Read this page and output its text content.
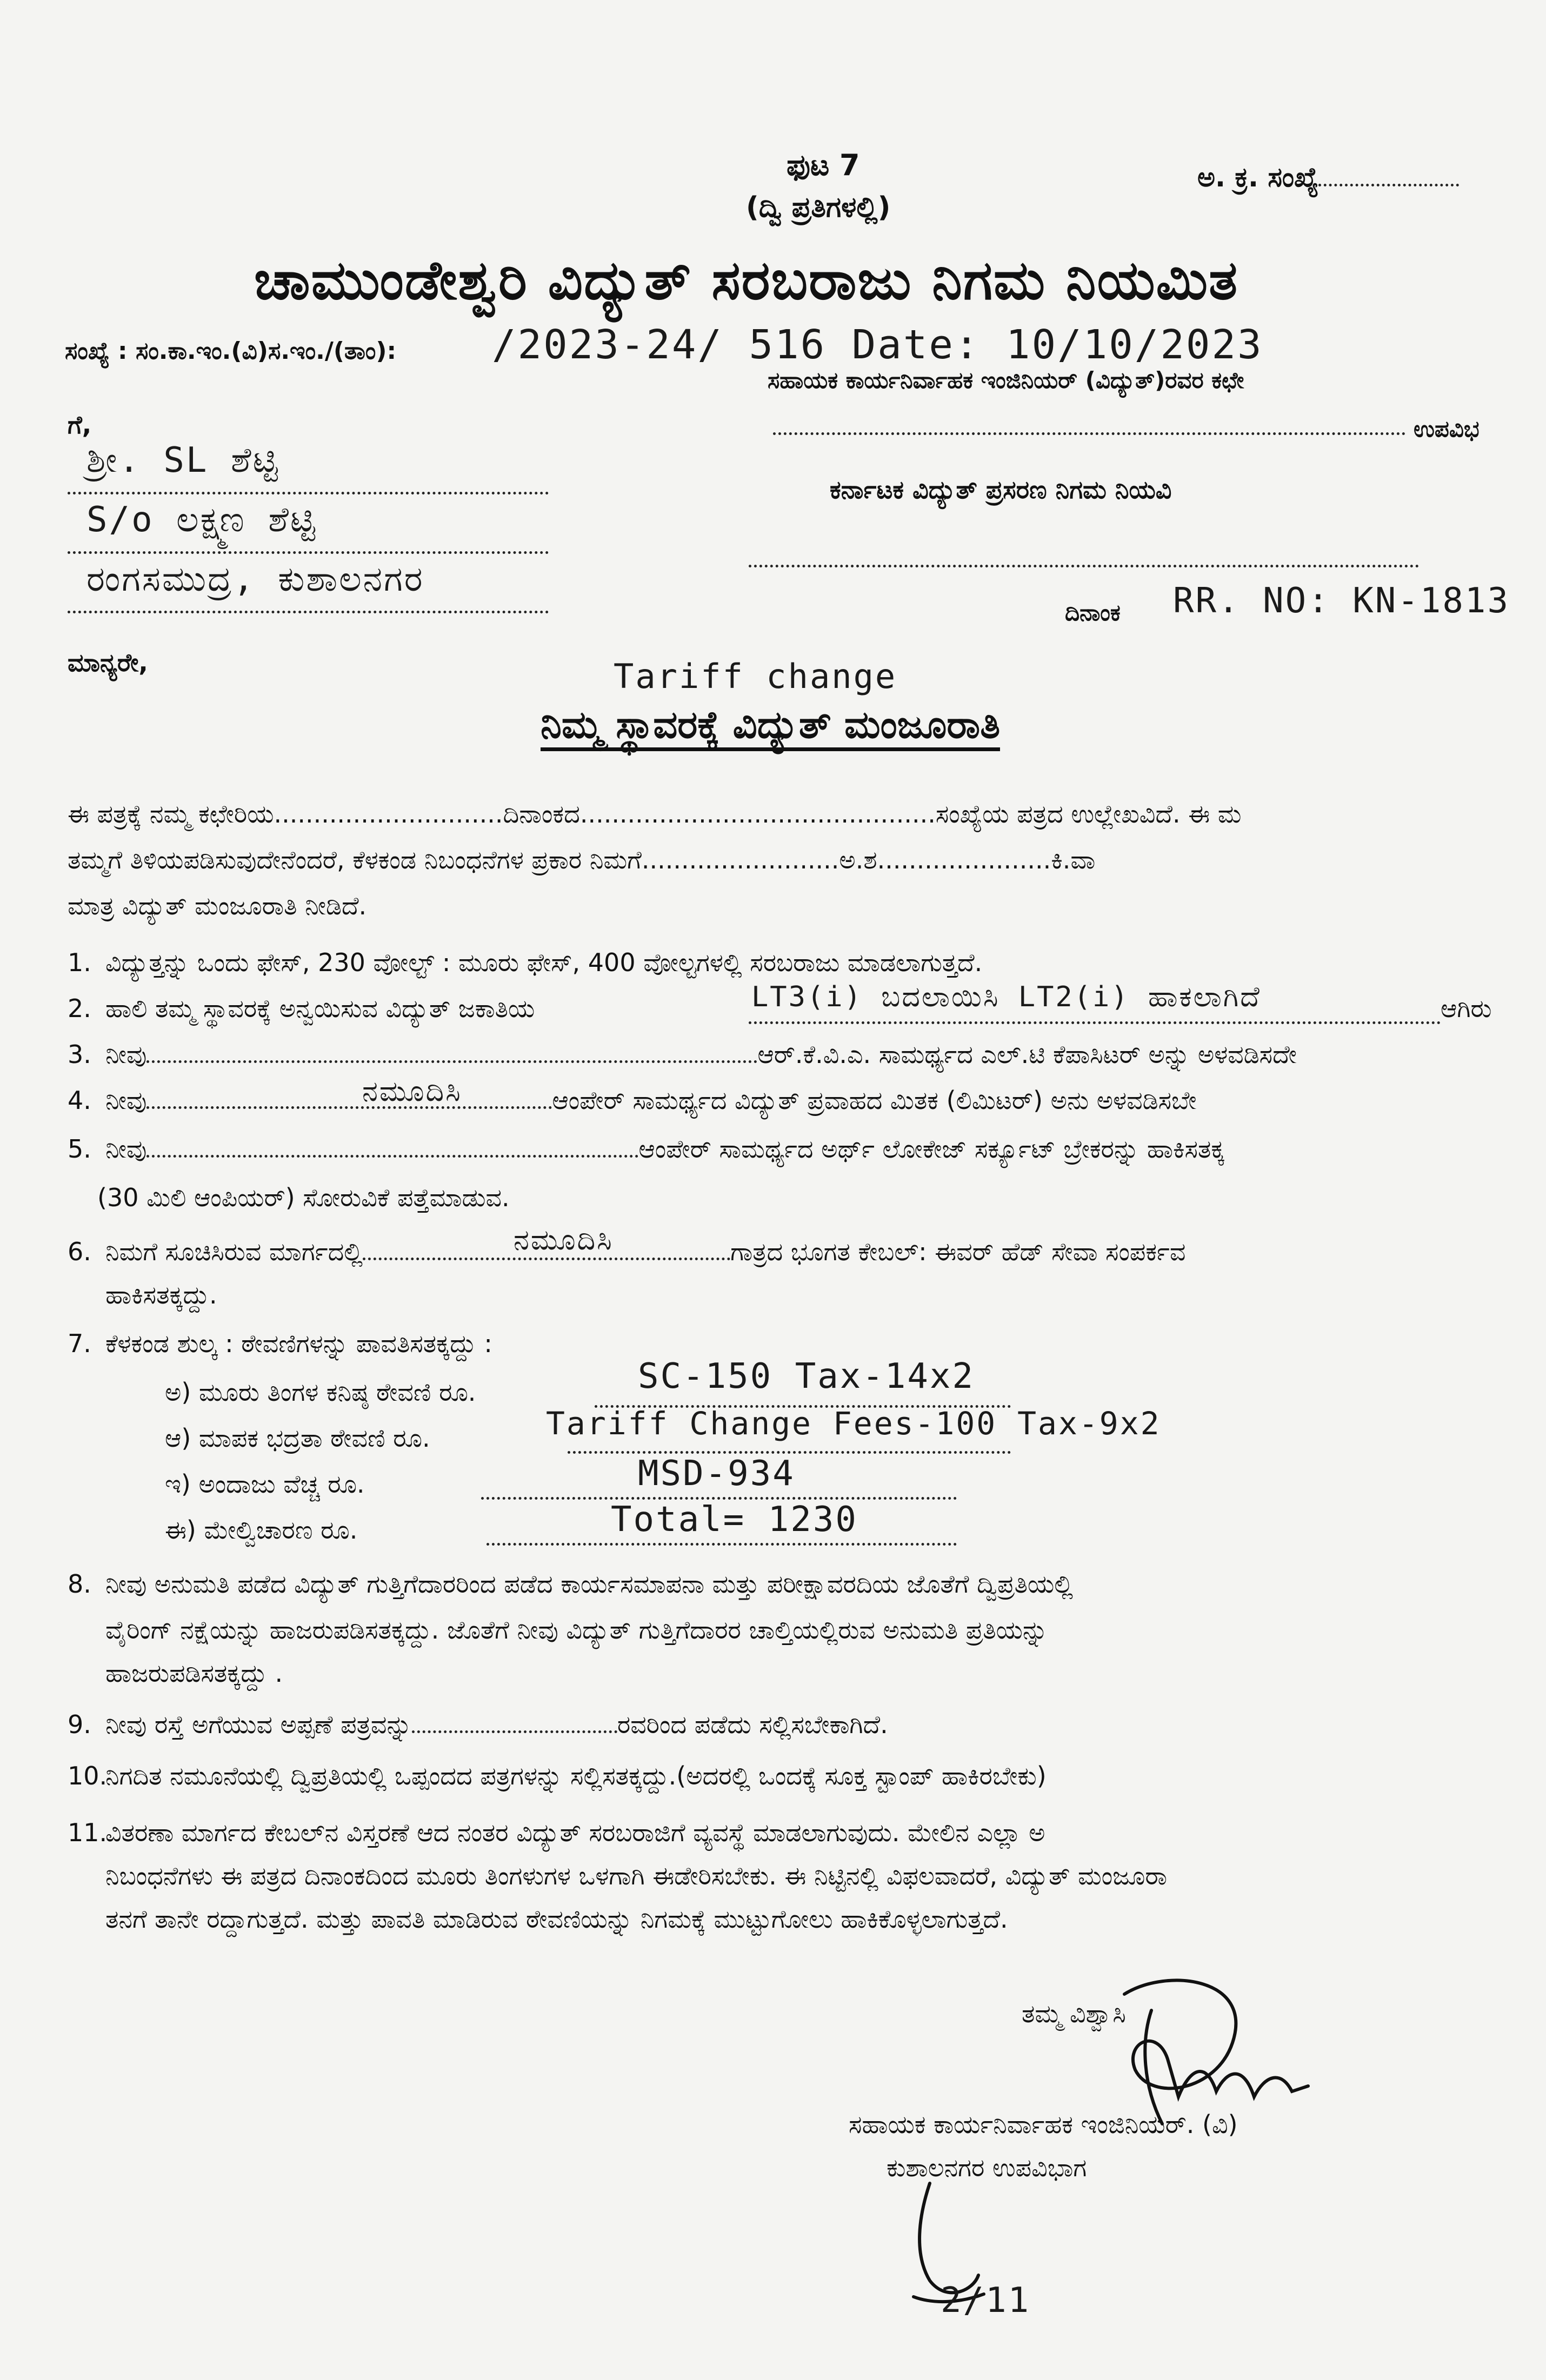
ಫುಟ 7
(ದ್ವಿ ಪ್ರತಿಗಳಲ್ಲಿ)
ಅ. ಕ್ರ. ಸಂಖ್ಯೆ
ಚಾಮುಂಡೇಶ್ವರಿ ವಿದ್ಯುತ್ ಸರಬರಾಜು ನಿಗಮ ನಿಯಮಿತ
ಸಂಖ್ಯೆ : ಸಂ.ಕಾ.ಇಂ.(ವಿ)ಸ.ಇಂ./(ತಾಂ): /2023-24/ 516 Date: 10/10/2023
ಸಹಾಯಕ ಕಾರ್ಯನಿರ್ವಾಹಕ ಇಂಜಿನಿಯರ್ (ವಿದ್ಯುತ್)ರವರ ಕಛೇ
ಗೆ,	ಉಪವಿಭ
ಶ್ರೀ. SL ಶೆಟ್ಟಿ
ಕರ್ನಾಟಕ ವಿದ್ಯುತ್ ಪ್ರಸರಣ ನಿಗಮ ನಿಯವಿ
S/o ಲಕ್ಷ್ಮಣ ಶೆಟ್ಟಿ
ರಂಗಸಮುದ್ರ, ಕುಶಾಲನಗರ
ದಿನಾಂಕ RR. NO: KN-1813
ಮಾನ್ಯರೇ,	Tariff change
ನಿಮ್ಮ ಸ್ಥಾವರಕ್ಕೆ ವಿದ್ಯುತ್ ಮಂಜೂರಾತಿ
ಈ ಪತ್ರಕ್ಕೆ ನಮ್ಮ ಕಛೇರಿಯ.............................ದಿನಾಂಕದ.............................................ಸಂಖ್ಯೆಯ ಪತ್ರದ ಉಲ್ಲೇಖವಿದೆ. ಈ ಮ
ತಮ್ಮಗೆ ತಿಳಿಯಪಡಿಸುವುದೇನೆಂದರೆ, ಕೆಳಕಂಡ ನಿಬಂಧನೆಗಳ ಪ್ರಕಾರ ನಿಮಗೆ.........................ಅ.ಶ......................ಕಿ.ವಾ
ಮಾತ್ರ ವಿದ್ಯುತ್ ಮಂಜೂರಾತಿ ನೀಡಿದೆ.
1. ವಿದ್ಯುತ್ತನ್ನು ಒಂದು ಫೇಸ್, 230 ವೋಲ್ಟ್ : ಮೂರು ಫೇಸ್, 400 ವೋಲ್ಟಗಳಲ್ಲಿ ಸರಬರಾಜು ಮಾಡಲಾಗುತ್ತದೆ.
2. ಹಾಲಿ ತಮ್ಮ ಸ್ಥಾವರಕ್ಕೆ ಅನ್ವಯಿಸುವ ವಿದ್ಯುತ್ ಜಕಾತಿಯ	LT3(i) ಬದಲಾಯಿಸಿ LT2(i) ಹಾಕಲಾಗಿದೆ	ಆಗಿರು
3. ನೀವು	ಆರ್.ಕೆ.ವಿ.ಎ. ಸಾಮರ್ಥ್ಯದ ಎಲ್.ಟಿ ಕೆಪಾಸಿಟರ್ ಅನ್ನು ಅಳವಡಿಸದೇ
4. ನೀವು	ಆಂಪೇರ್ ಸಾಮರ್ಥ್ಯದ ವಿದ್ಯುತ್ ಪ್ರವಾಹದ ಮಿತಕ (ಲಿಮಿಟರ್) ಅನು ಅಳವಡಿಸಬೇ
ನಮೂದಿಸಿ
5. ನೀವು	ಆಂಪೇರ್ ಸಾಮರ್ಥ್ಯದ ಅರ್ಥ್ ಲೋಕೇಜ್ ಸರ್ಕ್ಯೂಟ್ ಬ್ರೇಕರನ್ನು ಹಾಕಿಸತಕ್ಕ
(30 ಮಿಲಿ ಆಂಪಿಯರ್) ಸೋರುವಿಕೆ ಪತ್ತೆಮಾಡುವ.
6. ನಿಮಗೆ ಸೂಚಿಸಿರುವ ಮಾರ್ಗದಲ್ಲಿ	ಗಾತ್ರದ ಭೂಗತ ಕೇಬಲ್: ಈವರ್ ಹೆಡ್ ಸೇವಾ ಸಂಪರ್ಕವ
ನಮೂದಿಸಿ
ಹಾಕಿಸತಕ್ಕದ್ದು.
7. ಕೆಳಕಂಡ ಶುಲ್ಕ : ಠೇವಣಿಗಳನ್ನು ಪಾವತಿಸತಕ್ಕದ್ದು :
ಅ) ಮೂರು ತಿಂಗಳ ಕನಿಷ್ಠ ಠೇವಣಿ ರೂ.	SC-150 Tax-14x2
ಆ) ಮಾಪಕ ಭದ್ರತಾ ಠೇವಣಿ ರೂ.	Tariff Change Fees-100 Tax-9x2
ಇ) ಅಂದಾಜು ವೆಚ್ಚ ರೂ.	MSD-934
ಈ) ಮೇಲ್ವಿಚಾರಣ ರೂ.	Total= 1230
8. ನೀವು ಅನುಮತಿ ಪಡೆದ ವಿದ್ಯುತ್ ಗುತ್ತಿಗೆದಾರರಿಂದ ಪಡೆದ ಕಾರ್ಯಸಮಾಪನಾ ಮತ್ತು ಪರೀಕ್ಷಾವರದಿಯ ಜೊತೆಗೆ ದ್ವಿಪ್ರತಿಯಲ್ಲಿ
ವೈರಿಂಗ್ ನಕ್ಷೆಯನ್ನು ಹಾಜರುಪಡಿಸತಕ್ಕದ್ದು. ಜೊತೆಗೆ ನೀವು ವಿದ್ಯುತ್ ಗುತ್ತಿಗೆದಾರರ ಚಾಲ್ತಿಯಲ್ಲಿರುವ ಅನುಮತಿ ಪ್ರತಿಯನ್ನು
ಹಾಜರುಪಡಿಸತಕ್ಕದ್ದು .
9. ನೀವು ರಸ್ತೆ ಅಗೆಯುವ ಅಪ್ಪಣೆ ಪತ್ರವನ್ನು	ರವರಿಂದ ಪಡೆದು ಸಲ್ಲಿಸಬೇಕಾಗಿದೆ.
10.ನಿಗದಿತ ನಮೂನೆಯಲ್ಲಿ ದ್ವಿಪ್ರತಿಯಲ್ಲಿ ಒಪ್ಪಂದದ ಪತ್ರಗಳನ್ನು ಸಲ್ಲಿಸತಕ್ಕದ್ದು.(ಅದರಲ್ಲಿ ಒಂದಕ್ಕೆ ಸೂಕ್ತ ಸ್ಟಾಂಪ್ ಹಾಕಿರಬೇಕು)
11.ವಿತರಣಾ ಮಾರ್ಗದ ಕೇಬಲ್‌ನ ವಿಸ್ತರಣೆ ಆದ ನಂತರ ವಿದ್ಯುತ್ ಸರಬರಾಜಿಗೆ ವ್ಯವಸ್ಥೆ ಮಾಡಲಾಗುವುದು. ಮೇಲಿನ ಎಲ್ಲಾ ಅ
ನಿಬಂಧನೆಗಳು ಈ ಪತ್ರದ ದಿನಾಂಕದಿಂದ ಮೂರು ತಿಂಗಳುಗಳ ಒಳಗಾಗಿ ಈಡೇರಿಸಬೇಕು. ಈ ನಿಟ್ಟಿನಲ್ಲಿ ವಿಫಲವಾದರೆ, ವಿದ್ಯುತ್ ಮಂಜೂರಾ
ತನಗೆ ತಾನೇ ರದ್ದಾಗುತ್ತದೆ. ಮತ್ತು ಪಾವತಿ ಮಾಡಿರುವ ಠೇವಣಿಯನ್ನು ನಿಗಮಕ್ಕೆ ಮುಟ್ಟುಗೋಲು ಹಾಕಿಕೊಳ್ಳಲಾಗುತ್ತದೆ.
ತಮ್ಮ ವಿಶ್ವಾಸಿ
ಸಹಾಯಕ ಕಾರ್ಯನಿರ್ವಾಹಕ ಇಂಜಿನಿಯರ್. (ವಿ)
ಕುಶಾಲನಗರ ಉಪವಿಭಾಗ
2/11
